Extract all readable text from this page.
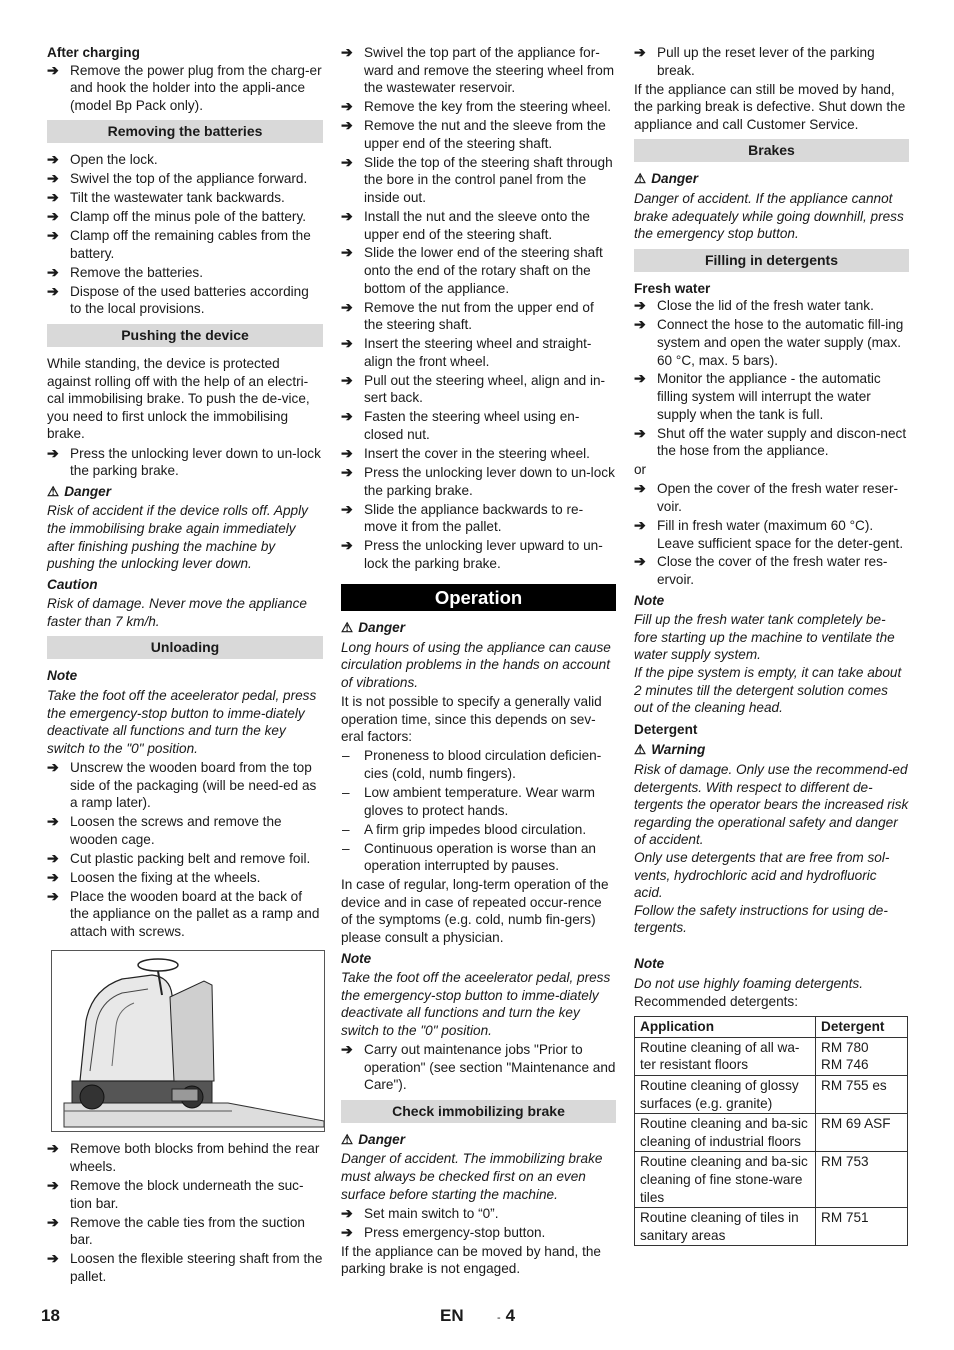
After charging
➔ Remove the power plug from the charg-er and hook the holder into the appli-ance (model Bp Pack only).
Removing the batteries
➔ Open the lock.
➔ Swivel the top of the appliance forward.
➔ Tilt the wastewater tank backwards.
➔ Clamp off the minus pole of the battery.
➔ Clamp off the remaining cables from the battery.
➔ Remove the batteries.
➔ Dispose of the used batteries according to the local provisions.
Pushing the device

While standing, the device is protected against rolling off with the help of an electri-cal immobilising brake. To push the de-vice, you need to first unlock the immobilising brake.

➔ Press the unlocking lever down to un-lock the parking brake.
⚠ Danger

Risk of accident if the device rolls off. Apply the immobilising brake again immediately after finishing pushing the machine by pushing the unlocking lever down.

Caution

Risk of damage. Never move the appliance faster than 7 km/h.

Unloading
Note

Take the foot off the aceelerator pedal, press the emergency-stop button to imme-diately deactivate all functions and turn the key switch to the "0" position.

➔ Unscrew the wooden board from the top side of the packaging (will be need-ed as a ramp later).
➔ Loosen the screws and remove the wooden cage.
➔ Cut plastic packing belt and remove foil.
➔ Loosen the fixing at the wheels.
➔ Place the wooden board at the back of the appliance on the pallet as a ramp and attach with screws.
➔ Remove both blocks from behind the rear wheels.
➔ Remove the block underneath the suc-tion bar.
➔ Remove the cable ties from the suction bar.
➔ Loosen the flexible steering shaft from the pallet.
➔ Swivel the top part of the appliance for-ward and remove the steering wheel from the wastewater reservoir.
➔ Remove the key from the steering wheel.
➔ Remove the nut and the sleeve from the upper end of the steering shaft.
➔ Slide the top of the steering shaft through the bore in the control panel from the inside out.
➔ Install the nut and the sleeve onto the upper end of the steering shaft.
➔ Slide the lower end of the steering shaft onto the end of the rotary shaft on the bottom of the appliance.
➔ Remove the nut from the upper end of the steering shaft.
➔ Insert the steering wheel and straight-align the front wheel.
➔ Pull out the steering wheel, align and in-sert back.
➔ Fasten the steering wheel using en-closed nut.
➔ Insert the cover in the steering wheel.
➔ Press the unlocking lever down to un-lock the parking brake.
➔ Slide the appliance backwards to re-move it from the pallet.
➔ Press the unlocking lever upward to un-lock the parking brake.
Operation
⚠ Danger

Long hours of using the appliance can cause circulation problems in the hands on account of vibrations.

It is not possible to specify a generally valid operation time, since this depends on sev-eral factors:

– Proneness to blood circulation deficien-cies (cold, numb fingers).
– Low ambient temperature. Wear warm gloves to protect hands.
– A firm grip impedes blood circulation.
– Continuous operation is worse than an operation interrupted by pauses.

In case of regular, long-term operation of the device and in case of repeated occur-rence of the symptoms (e.g. cold, numb fin-gers) please consult a physician.

Note

Take the foot off the aceelerator pedal, press the emergency-stop button to imme-diately deactivate all functions and turn the key switch to the "0" position.

➔ Carry out maintenance jobs "Prior to operation" (see section "Maintenance and Care").
Check immobilizing brake
⚠ Danger

Danger of accident. The immobilizing brake must always be checked first on an even surface before starting the machine.

➔ Set main switch to “0”.
➔ Press emergency-stop button.

If the appliance can be moved by hand, the parking brake is not engaged.

➔ Pull up the reset lever of the parking break.

If the appliance can still be moved by hand, the parking break is defective. Shut down the appliance and call Customer Service.

Brakes
⚠ Danger

Danger of accident. If the appliance cannot brake adequately while going downhill, press the emergency stop button.

Filling in detergents
Fresh water
➔ Close the lid of the fresh water tank.
➔ Connect the hose to the automatic fill-ing system and open the water supply (max. 60 °C, max. 5 bars).
➔ Monitor the appliance - the automatic filling system will interrupt the water supply when the tank is full.
➔ Shut off the water supply and discon-nect the hose from the appliance.

or

➔ Open the cover of the fresh water reser-voir.
➔ Fill in fresh water (maximum 60 °C). Leave sufficient space for the deter-gent.
➔ Close the cover of the fresh water res-ervoir.
Note

Fill up the fresh water tank completely be-fore starting up the machine to ventilate the water supply system.

If the pipe system is empty, it can take about 2 minutes till the detergent solution comes out of the cleaning head.

Detergent
⚠ Warning

Risk of damage. Only use the recommend-ed detergents. With respect to different de-tergents the operator bears the increased risk regarding the operational safety and danger of accident.

Only use detergents that are free from sol-vents, hydrochloric acid and hydrofluoric acid.

Follow the safety instructions for using de-tergents.

Note

Do not use highly foaming detergents.

Recommended detergents:

Application	Detergent
Routine cleaning of all wa-ter resistant floors	RM 780
RM 746
Routine cleaning of glossy surfaces (e.g. granite)	RM 755 es
Routine cleaning and ba-sic cleaning of industrial floors	RM 69 ASF
Routine cleaning and ba-sic cleaning of fine stone-ware tiles	RM 753
Routine cleaning of tiles in sanitary areas	RM 751
18	EN	- 4
